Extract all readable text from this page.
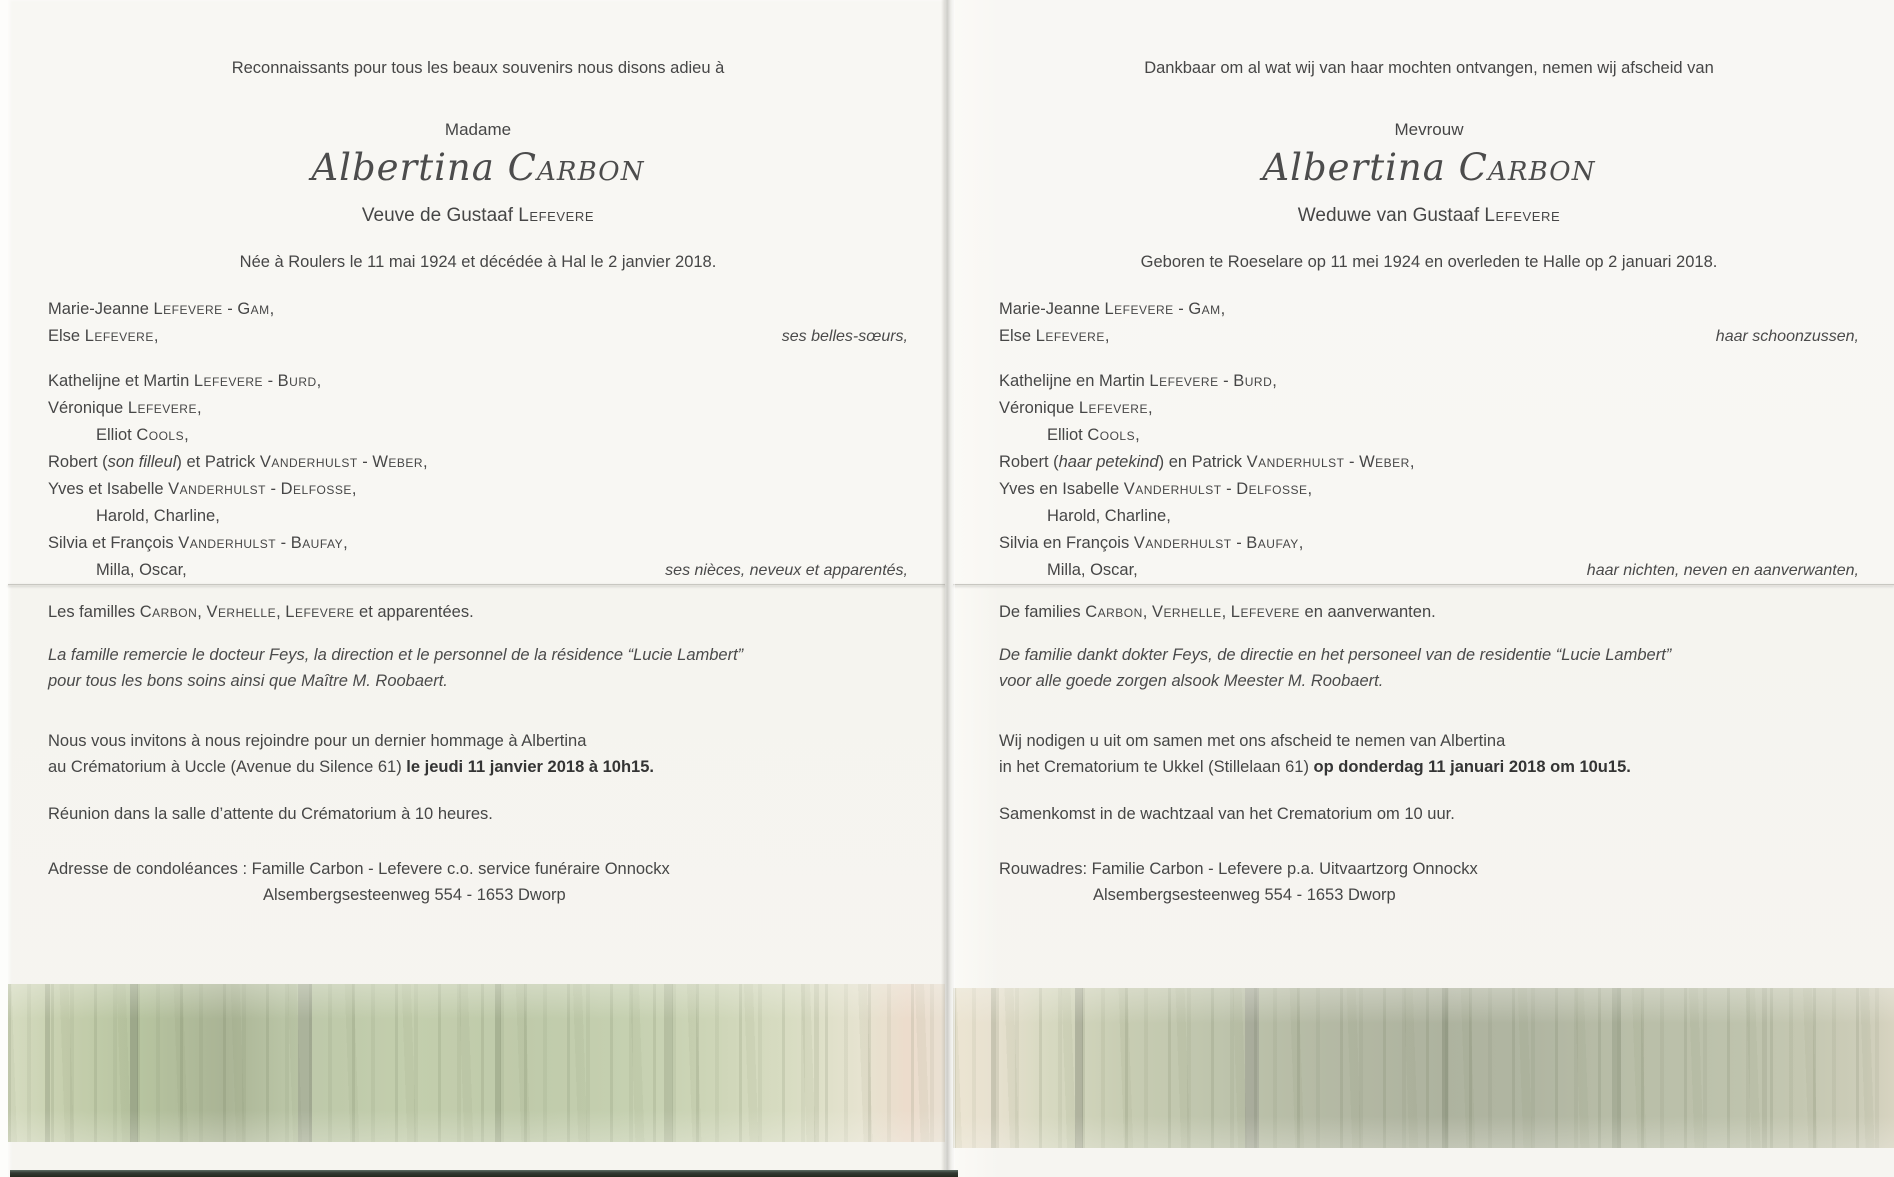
Reconnaissants pour tous les beaux souvenirs nous disons adieu à
Madame
Albertina Carbon
Veuve de Gustaaf Lefevere
Née à Roulers le 11 mai 1924 et décédée à Hal le 2 janvier 2018.
Marie-Jeanne Lefevere - Gam,
Else Lefevere,	ses belles-sœurs,
Kathelijne et Martin Lefevere - Burd,
Véronique Lefevere,
Elliot Cools,
Robert (son filleul) et Patrick Vanderhulst - Weber,
Yves et Isabelle Vanderhulst - Delfosse,
Harold, Charline,
Silvia et François Vanderhulst - Baufay,
Milla, Oscar,	ses nièces, neveux et apparentés,
Les familles Carbon, Verhelle, Lefevere et apparentées.
La famille remercie le docteur Feys, la direction et le personnel de la résidence “Lucie Lambert”
pour tous les bons soins ainsi que Maître M. Roobaert.
Nous vous invitons à nous rejoindre pour un dernier hommage à Albertina
au Crématorium à Uccle (Avenue du Silence 61) le jeudi 11 janvier 2018 à 10h15.
Réunion dans la salle d’attente du Crématorium à 10 heures.
Adresse de condoléances : Famille Carbon - Lefevere c.o. service funéraire Onnockx
Alsembergsesteenweg 554 - 1653 Dworp
Dankbaar om al wat wij van haar mochten ontvangen, nemen wij afscheid van
Mevrouw
Albertina Carbon
Weduwe van Gustaaf Lefevere
Geboren te Roeselare op 11 mei 1924 en overleden te Halle op 2 januari 2018.
Marie-Jeanne Lefevere - Gam,
Else Lefevere,	haar schoonzussen,
Kathelijne en Martin Lefevere - Burd,
Véronique Lefevere,
Elliot Cools,
Robert (haar petekind) en Patrick Vanderhulst - Weber,
Yves en Isabelle Vanderhulst - Delfosse,
Harold, Charline,
Silvia en François Vanderhulst - Baufay,
Milla, Oscar,	haar nichten, neven en aanverwanten,
De families Carbon, Verhelle, Lefevere en aanverwanten.
De familie dankt dokter Feys, de directie en het personeel van de residentie “Lucie Lambert”
voor alle goede zorgen alsook Meester M. Roobaert.
Wij nodigen u uit om samen met ons afscheid te nemen van Albertina
in het Crematorium te Ukkel (Stillelaan 61) op donderdag 11 januari 2018 om 10u15.
Samenkomst in de wachtzaal van het Crematorium om 10 uur.
Rouwadres: Familie Carbon - Lefevere p.a. Uitvaartzorg Onnockx
Alsembergsesteenweg 554 - 1653 Dworp
